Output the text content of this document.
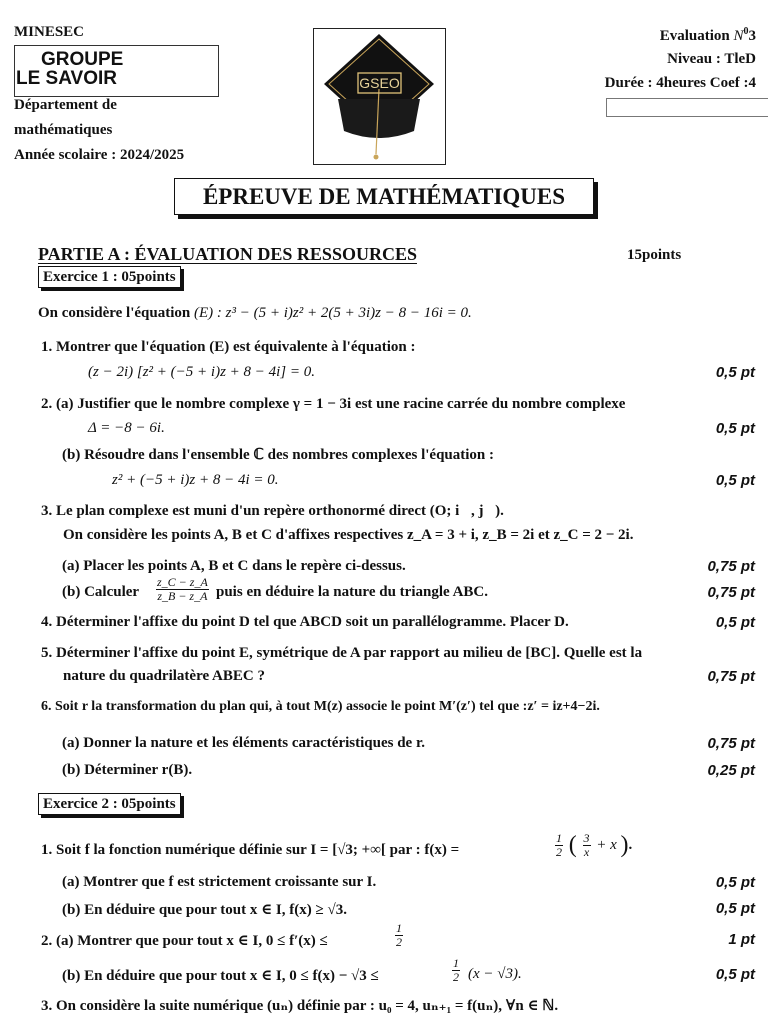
MINESEC
GROUPE
LE SAVOIR
Département de
mathématiques
Année scolaire : 2024/2025
GSEO
Evaluation $N^03$
Niveau : TleD
Durée : 4heures Coef :4
ÉPREUVE DE MATHÉMATIQUES
PARTIE A : ÉVALUATION DES RESSOURCES	15points
Exercice 1 : 05points
On considère l'équation (E) : z³ − (5 + i)z² + 2(5 + 3i)z − 8 − 16i = 0.
1. Montrer que l'équation (E) est équivalente à l'équation :
(z − 2i) [z² + (−5 + i)z + 8 − 4i] = 0.	0,5 pt
2. (a) Justifier que le nombre complexe γ = 1 − 3i est une racine carrée du nombre complexe
Δ = −8 − 6i.	0,5 pt
(b) Résoudre dans l'ensemble ℂ des nombres complexes l'équation :
z² + (−5 + i)z + 8 − 4i = 0.	0,5 pt
3. Le plan complexe est muni d'un repère orthonormé direct (O; i⃗, j⃗).
On considère les points A, B et C d'affixes respectives z_A = 3 + i, z_B = 2i et z_C = 2 − 2i.
(a) Placer les points A, B et C dans le repère ci-dessus.	0,75 pt
(b) Calculer $\frac{z\_C - z\_A}{z\_B - z\_A}$ puis en déduire la nature du triangle ABC.	0,75 pt
4. Déterminer l'affixe du point D tel que ABCD soit un parallélogramme. Placer D.	0,5 pt
5. Déterminer l'affixe du point E, symétrique de A par rapport au milieu de [BC]. Quelle est la
nature du quadrilatère ABEC ?	0,75 pt
6. Soit r la transformation du plan qui, à tout M(z) associe le point M′(z′) tel que :z′ = iz+4−2i.
(a) Donner la nature et les éléments caractéristiques de r.	0,75 pt
(b) Déterminer r(B).	0,25 pt
Exercice 2 : 05points
1. Soit f la fonction numérique définie sur I = [√3; +∞[ par : f(x) =	$\frac{1}{2}$ ( $\frac{3}{x} + x$ ).
(a) Montrer que f est strictement croissante sur I.	0,5 pt
(b) En déduire que pour tout x ∈ I, f(x) ≥ √3.	0,5 pt
2. (a) Montrer que pour tout x ∈ I, 0 ≤ f′(x) ≤	$\frac{1}{2}$	1 pt
(b) En déduire que pour tout x ∈ I, 0 ≤ f(x) − √3 ≤	$\frac{1}{2} (x - √3)$.	0,5 pt
3. On considère la suite numérique (uₙ) définie par : u₀ = 4, uₙ₊₁ = f(uₙ), ∀n ∈ ℕ.
